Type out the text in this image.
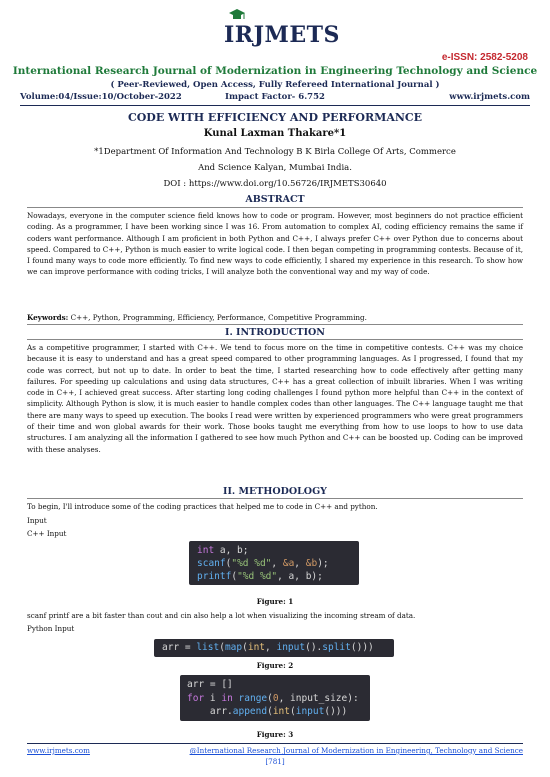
IRJMETS
e-ISSN: 2582-5208
International Research Journal of Modernization in Engineering Technology and Science
( Peer-Reviewed, Open Access, Fully Refereed International Journal )
Volume:04/Issue:10/October-2022	Impact Factor- 6.752	www.irjmets.com
CODE WITH EFFICIENCY AND PERFORMANCE
Kunal Laxman Thakare*1
*1Department Of Information And Technology B K Birla College Of Arts, Commerce
And Science Kalyan, Mumbai India.
DOI : https://www.doi.org/10.56726/IRJMETS30640
ABSTRACT
Nowadays, everyone in the computer science field knows how to code or program. However, most beginners do not practice efficient coding. As a programmer, I have been working since I was 16. From automation to complex AI, coding efficiency remains the same if coders want performance. Although I am proficient in both Python and C++, I always prefer C++ over Python due to concerns about speed. Compared to C++, Python is much easier to write logical code. I then began competing in programming contests. Because of it, I found many ways to code more efficiently. To find new ways to code efficiently, I shared my experience in this research. To show how we can improve performance with coding tricks, I will analyze both the conventional way and my way of code.
Keywords: C++, Python, Programming, Efficiency, Performance, Competitive Programming.
I. INTRODUCTION
As a competitive programmer, I started with C++. We tend to focus more on the time in competitive contests. C++ was my choice because it is easy to understand and has a great speed compared to other programming languages. As I progressed, I found that my code was correct, but not up to date. In order to beat the time, I started researching how to code effectively after getting many failures. For speeding up calculations and using data structures, C++ has a great collection of inbuilt libraries. When I was writing code in C++, I achieved great success. After starting long coding challenges I found python more helpful than C++ in the context of simplicity. Although Python is slow, it is much easier to handle complex codes than other languages. The C++ language taught me that there are many ways to speed up execution. The books I read were written by experienced programmers who were great programmers of their time and won global awards for their work. Those books taught me everything from how to use loops to how to use data structures. I am analyzing all the information I gathered to see how much Python and C++ can be boosted up. Coding can be improved with these analyses.
II. METHODOLOGY
To begin, I'll introduce some of the coding practices that helped me to code in C++ and python.
Input
C++ Input
int a, b;
scanf("%d %d", &a, &b);
printf("%d %d", a, b);
Figure: 1
scanf printf are a bit faster than cout and cin also help a lot when visualizing the incoming stream of data.
Python Input
arr = list(map(int, input().split()))
Figure: 2
arr = []
for i in range(0, input_size):
arr.append(int(input()))
Figure: 3
www.irjmets.com	@International Research Journal of Modernization in Engineering, Technology and Science
[781]
